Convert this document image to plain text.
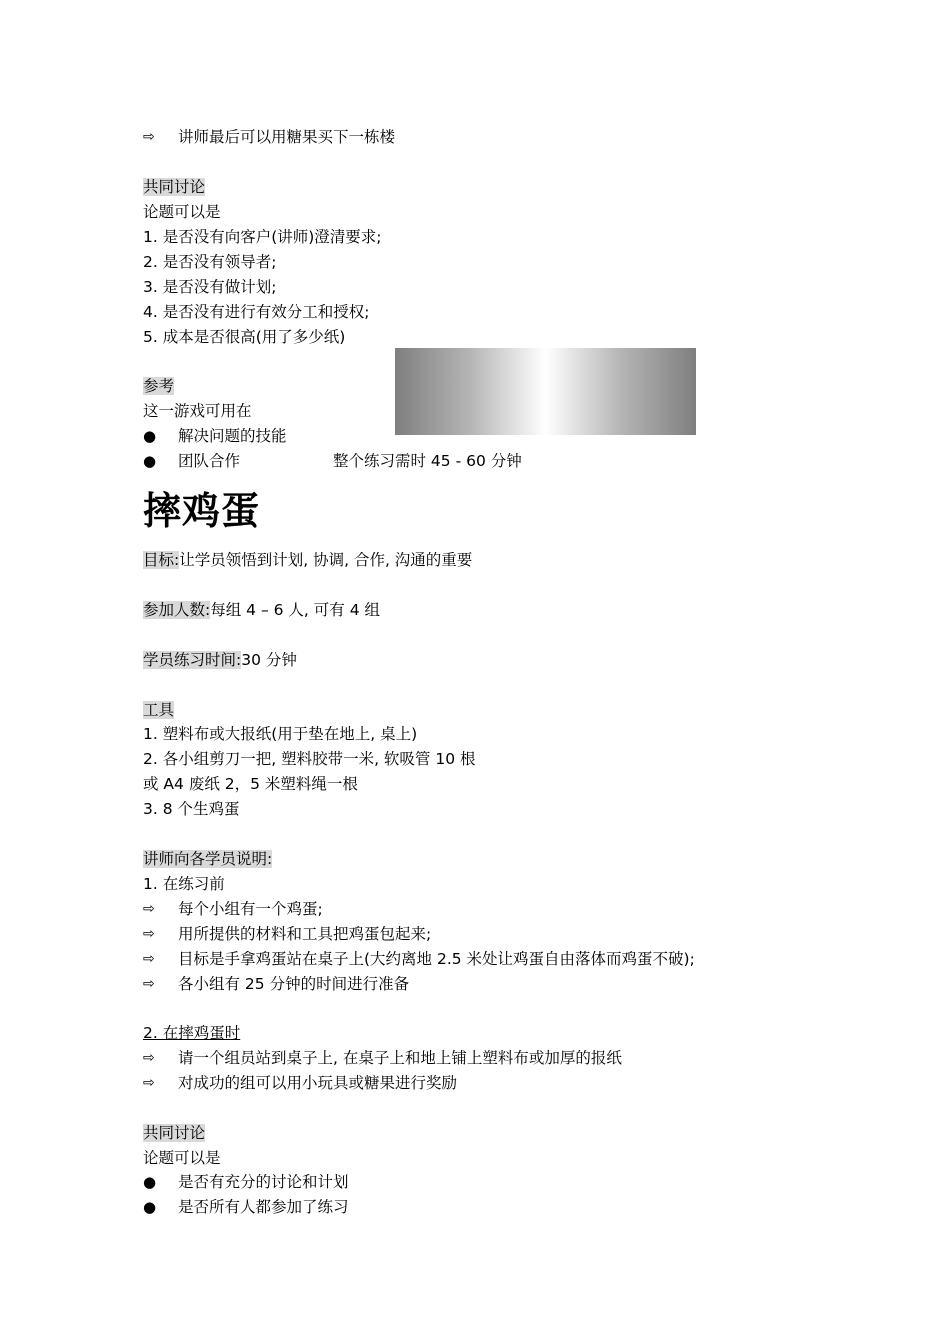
⇨	讲师最后可以用糖果买下一栋楼
共同讨论
论题可以是
1. 是否没有向客户(讲师)澄清要求;
2. 是否没有领导者;
3. 是否没有做计划;
4. 是否没有进行有效分工和授权;
5. 成本是否很高(用了多少纸)
参考
这一游戏可用在
●	解决问题的技能
●	团队合作	整个练习需时 45 - 60 分钟
摔鸡蛋
目标:让学员领悟到计划, 协调, 合作, 沟通的重要
参加人数:每组 4 – 6 人, 可有 4 组
学员练习时间:30 分钟
工具
1. 塑料布或大报纸(用于垫在地上, 桌上)
2. 各小组剪刀一把, 塑料胶带一米, 软吸管 10 根
或 A4 废纸 2，5 米塑料绳一根
3. 8 个生鸡蛋
讲师向各学员说明:
1. 在练习前
⇨	每个小组有一个鸡蛋;
⇨	用所提供的材料和工具把鸡蛋包起来;
⇨	目标是手拿鸡蛋站在桌子上(大约离地 2.5 米处让鸡蛋自由落体而鸡蛋不破);
⇨	各小组有 25 分钟的时间进行准备
2. 在摔鸡蛋时
⇨	请一个组员站到桌子上, 在桌子上和地上铺上塑料布或加厚的报纸
⇨	对成功的组可以用小玩具或糖果进行奖励
共同讨论
论题可以是
●	是否有充分的讨论和计划
●	是否所有人都参加了练习
